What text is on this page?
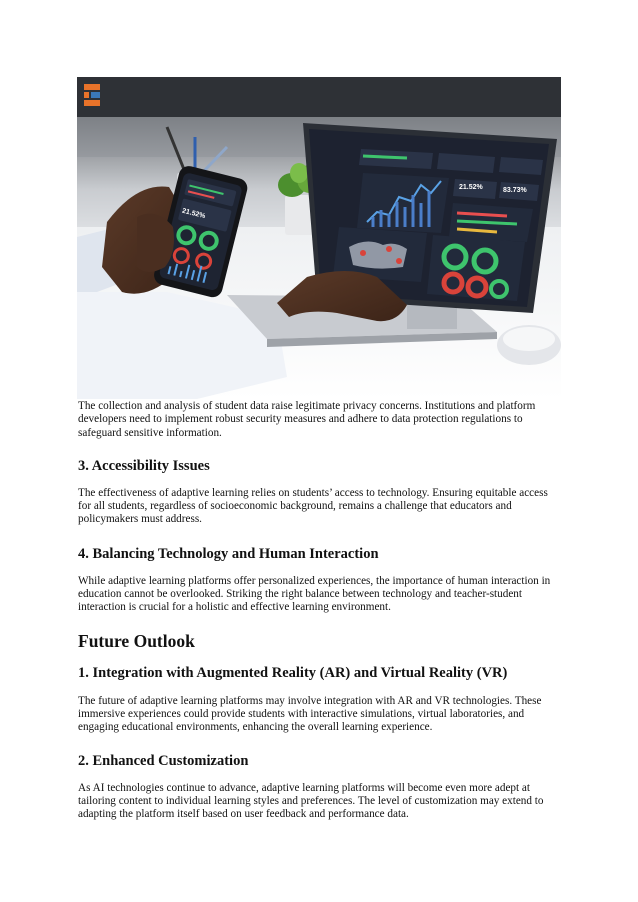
21.52%	83.73%
21.52%

The collection and analysis of student data raise legitimate privacy concerns. Institutions and platform developers need to implement robust security measures and adhere to data protection regulations to safeguard sensitive information.

3. Accessibility Issues

The effectiveness of adaptive learning relies on students’ access to technology. Ensuring equitable access for all students, regardless of socioeconomic background, remains a challenge that educators and policymakers must address.

4. Balancing Technology and Human Interaction

While adaptive learning platforms offer personalized experiences, the importance of human interaction in education cannot be overlooked. Striking the right balance between technology and teacher-student interaction is crucial for a holistic and effective learning environment.

Future Outlook
1. Integration with Augmented Reality (AR) and Virtual Reality (VR)

The future of adaptive learning platforms may involve integration with AR and VR technologies. These immersive experiences could provide students with interactive simulations, virtual laboratories, and engaging educational environments, enhancing the overall learning experience.

2. Enhanced Customization

As AI technologies continue to advance, adaptive learning platforms will become even more adept at tailoring content to individual learning styles and preferences. The level of customization may extend to adapting the platform itself based on user feedback and performance data.
